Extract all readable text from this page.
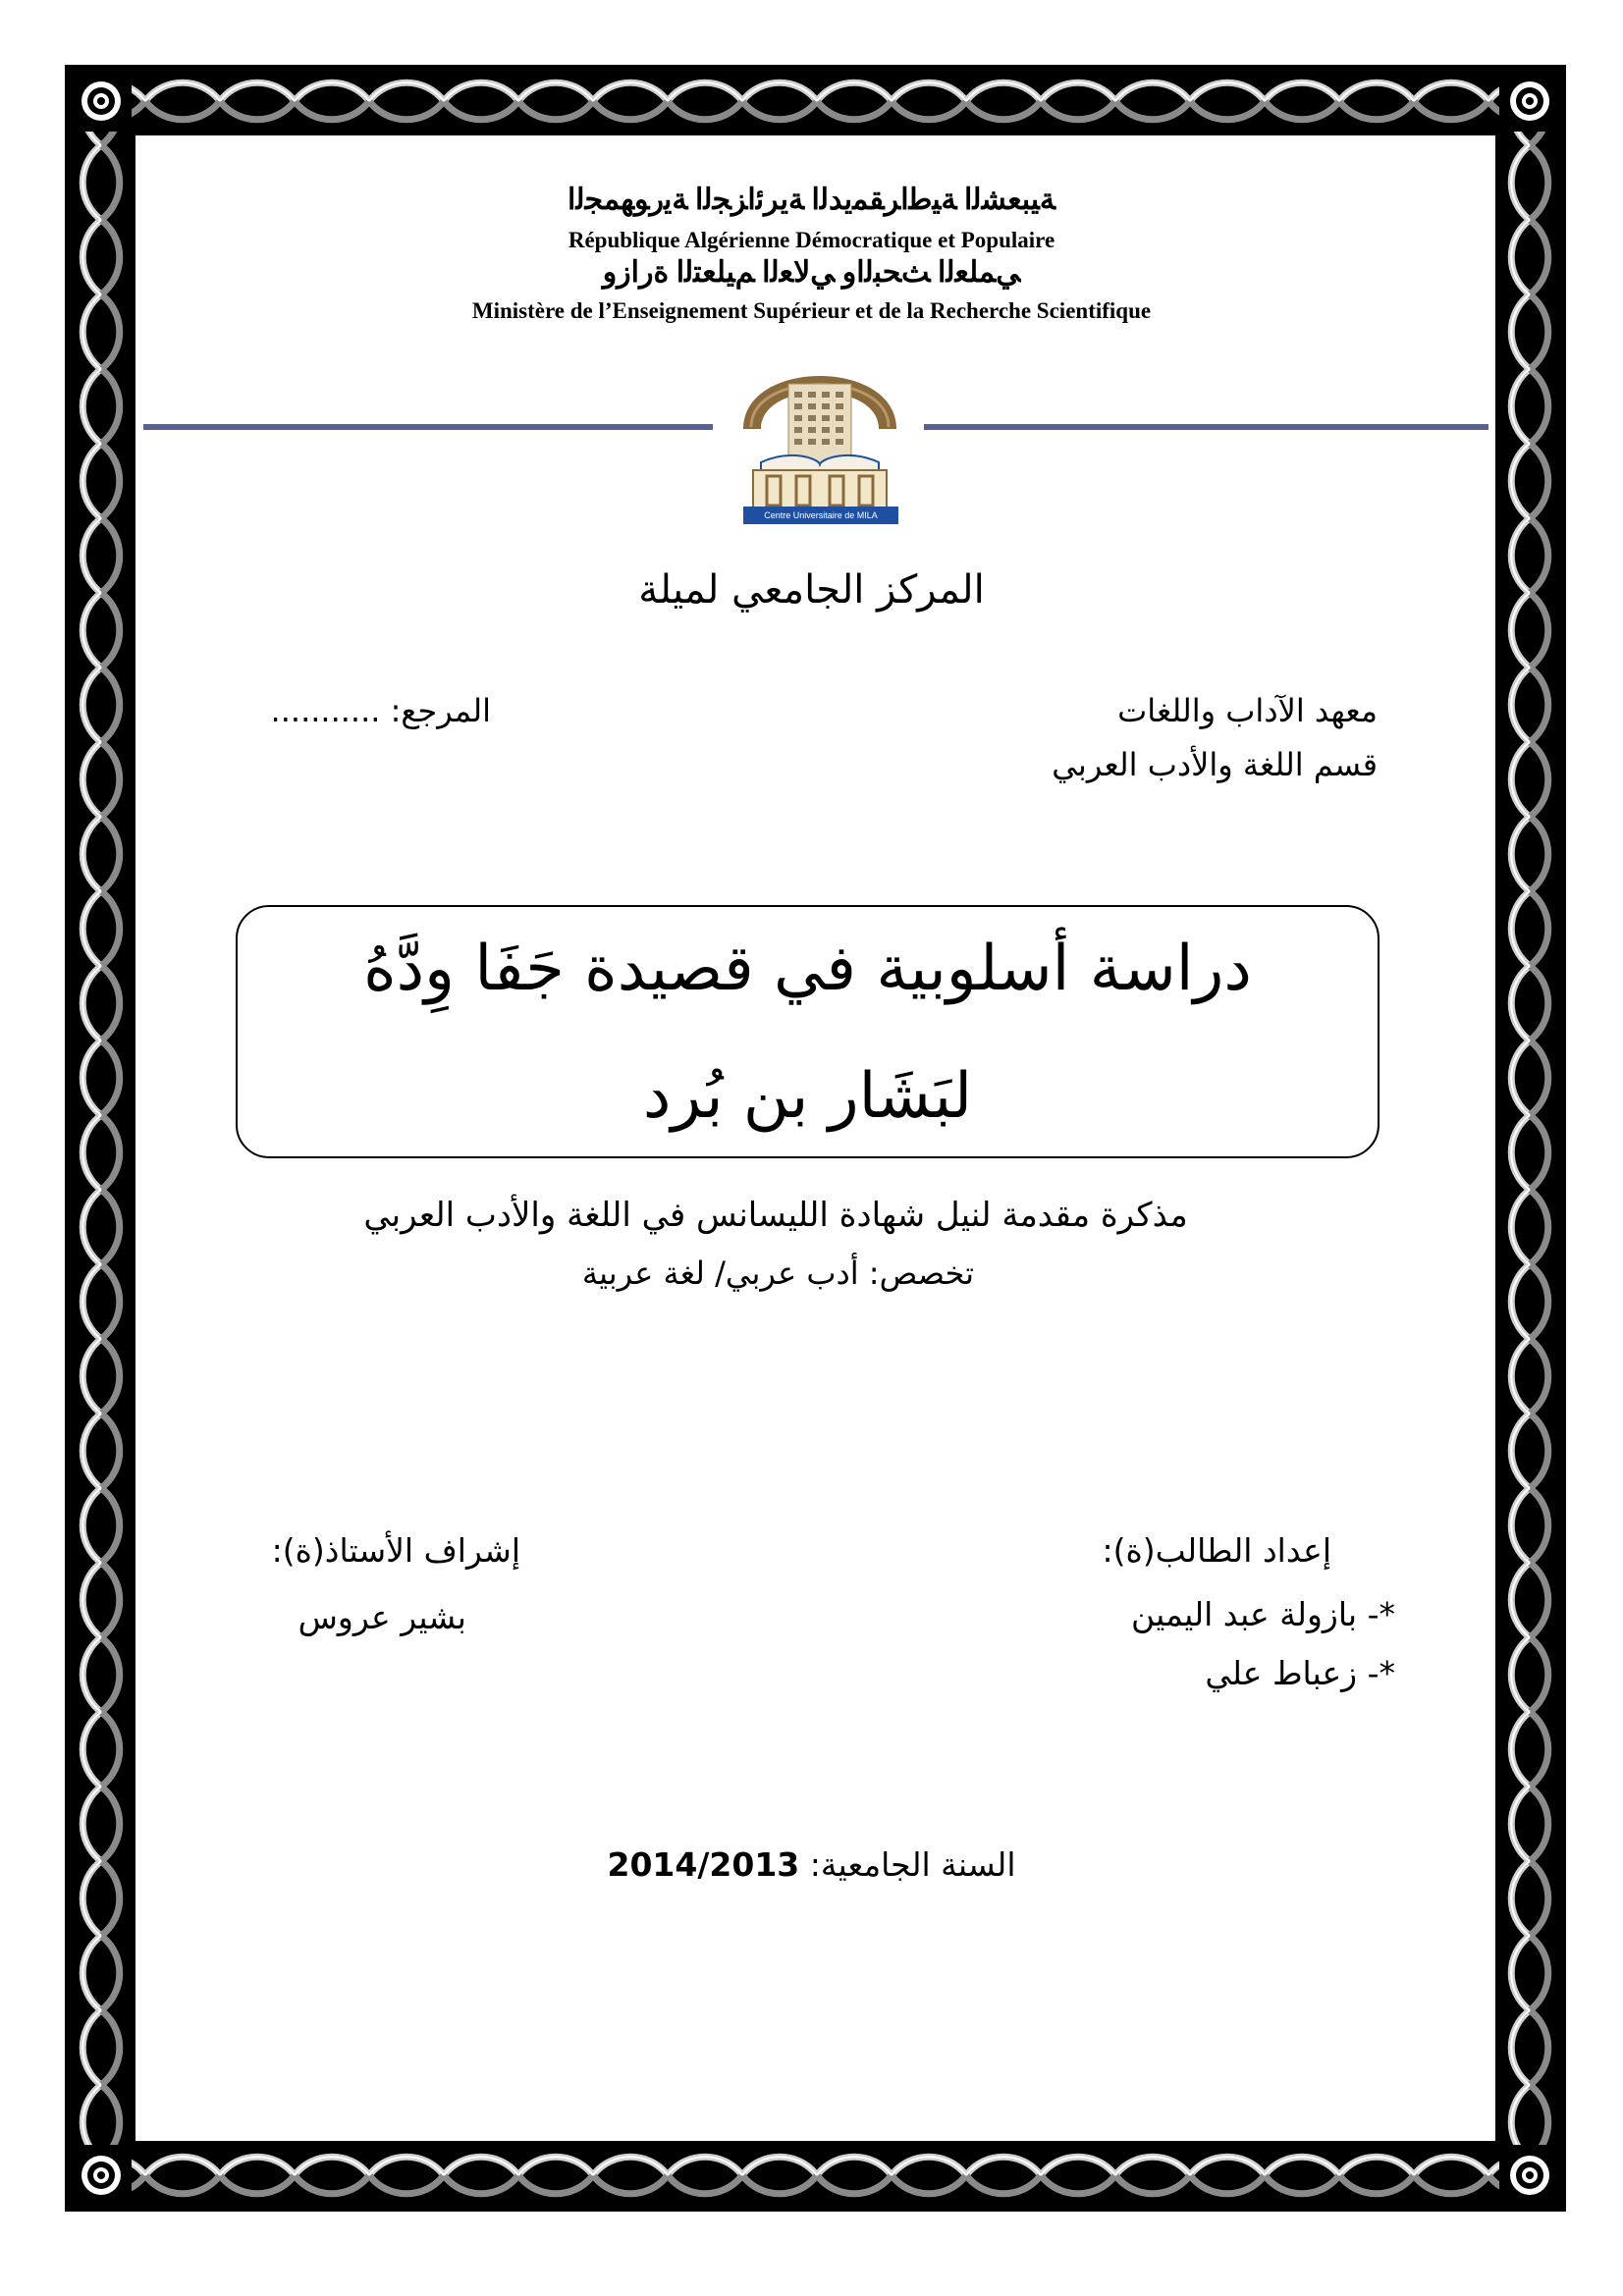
ﺔﻴﺒﻌﺸﻟﺍ ﺔﻴﻃﺍﺮﻘﻤﻳﺪﻟﺍ ﺔﻳﺮﺋﺍﺰﺠﻟﺍ ﺔﻳﺭﻮﻬﻤﺠﻟﺍ
République Algérienne Démocratique et Populaire
ﻲﻤﻠﻌﻟﺍ ﺚﺤﺒﻟﺍﻭ ﻲﻟﺎﻌﻟﺍ ﻢﻴﻠﻌﺘﻟﺍ ﺓﺭﺍﺯﻭ
Ministère de l’Enseignement Supérieur et de la Recherche Scientifique
Centre Universitaire de MILA
المركز الجامعي لميلة
معهد الآداب واللغات
قسم اللغة والأدب العربي
المرجع: ...........
دراسة أسلوبية في قصيدة جَفَا وِدَّهُ
لبَشَار بن بُرد
مذكرة مقدمة لنيل شهادة الليسانس في اللغة والأدب العربي
تخصص: أدب عربي/ لغة عربية
إعداد الطالب(ة):
*- بازولة عبد اليمين
*- زعباط علي
إشراف الأستاذ(ة):
بشير عروس
السنة الجامعية: 2014/2013
